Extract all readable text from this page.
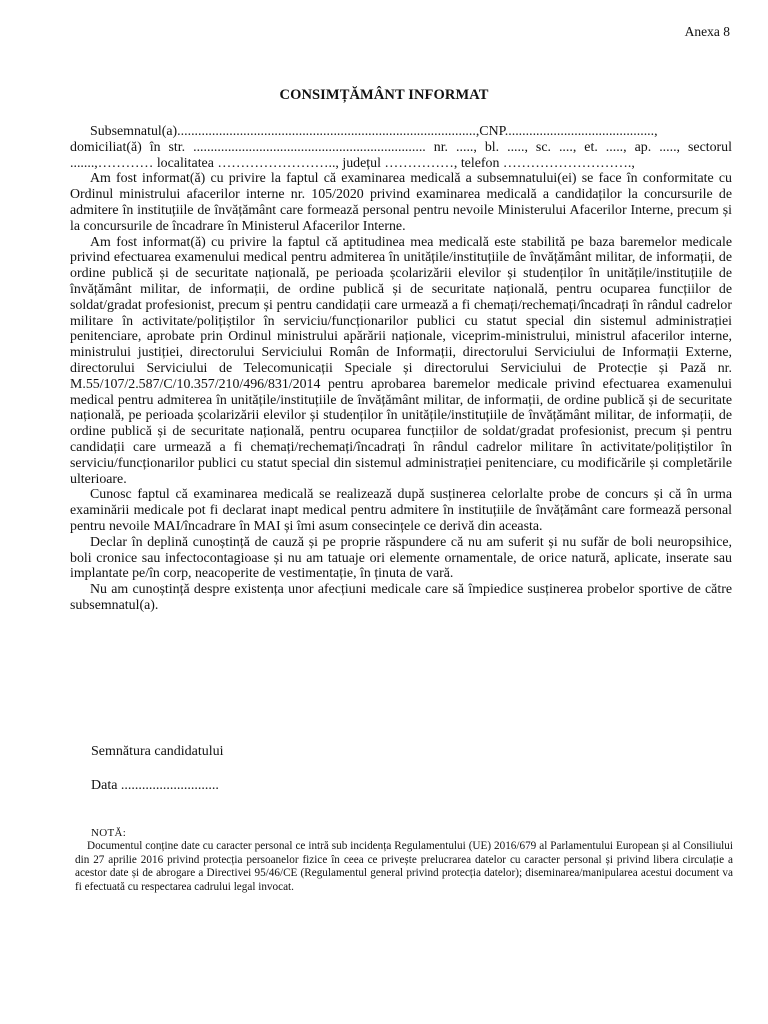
Anexa 8
CONSIMȚĂMÂNT INFORMAT

Subsemnatul(a)......................................................................................,CNP..........................................., domiciliat(ă) în str. ................................................................... nr. ....., bl. ....., sc. ...., et. ....., ap. ....., sectorul .......,………… localitatea …………………….., județul ……………, telefon ……………………….,

Am fost informat(ă) cu privire la faptul că examinarea medicală a subsemnatului(ei) se face în conformitate cu Ordinul ministrului afacerilor interne nr. 105/2020 privind examinarea medicală a candidaților la concursurile de admitere în instituțiile de învățământ care formează personal pentru nevoile Ministerului Afacerilor Interne, precum și la concursurile de încadrare în Ministerul Afacerilor Interne.

Am fost informat(ă) cu privire la faptul că aptitudinea mea medicală este stabilită pe baza baremelor medicale privind efectuarea examenului medical pentru admiterea în unitățile/instituțiile de învățământ militar, de informații, de ordine publică și de securitate națională, pe perioada școlarizării elevilor și studenților în unitățile/instituțiile de învățământ militar, de informații, de ordine publică și de securitate națională, pentru ocuparea funcțiilor de soldat/gradat profesionist, precum și pentru candidații care urmează a fi chemați/rechemați/încadrați în rândul cadrelor militare în activitate/polițiștilor în serviciu/funcționarilor publici cu statut special din sistemul administrației penitenciare, aprobate prin Ordinul ministrului apărării naționale, viceprim-ministrului, ministrul afacerilor interne, ministrului justiției, directorului Serviciului Român de Informații, directorului Serviciului de Informații Externe, directorului Serviciului de Telecomunicații Speciale și directorului Serviciului de Protecție și Pază nr. M.55/107/2.587/C/10.357/210/496/831/2014 pentru aprobarea baremelor medicale privind efectuarea examenului medical pentru admiterea în unitățile/instituțiile de învățământ militar, de informații, de ordine publică și de securitate națională, pe perioada școlarizării elevilor și studenților în unitățile/instituțiile de învățământ militar, de informații, de ordine publică și de securitate națională, pentru ocuparea funcțiilor de soldat/gradat profesionist, precum și pentru candidații care urmează a fi chemați/rechemați/încadrați în rândul cadrelor militare în activitate/polițiștilor în serviciu/funcționarilor publici cu statut special din sistemul administrației penitenciare, cu modificările și completările ulterioare.

Cunosc faptul că examinarea medicală se realizează după susținerea celorlalte probe de concurs și că în urma examinării medicale pot fi declarat inapt medical pentru admitere în instituțiile de învățământ care formează personal pentru nevoile MAI/încadrare în MAI și îmi asum consecințele ce derivă din aceasta.

Declar în deplină cunoștință de cauză și pe proprie răspundere că nu am suferit și nu sufăr de boli neuropsihice, boli cronice sau infectocontagioase și nu am tatuaje ori elemente ornamentale, de orice natură, aplicate, inserate sau implantate pe/în corp, neacoperite de vestimentație, în ținuta de vară.

Nu am cunoștință despre existența unor afecțiuni medicale care să împiedice susținerea probelor sportive de către subsemnatul(a).

Semnătura candidatului
Data ............................
NOTĂ:
Documentul conține date cu caracter personal ce intră sub incidența Regulamentului (UE) 2016/679 al Parlamentului European și al Consiliului din 27 aprilie 2016 privind protecția persoanelor fizice în ceea ce privește prelucrarea datelor cu caracter personal și privind libera circulație a acestor date și de abrogare a Directivei 95/46/CE (Regulamentul general privind protecția datelor); diseminarea/manipularea acestui document va fi efectuată cu respectarea cadrului legal invocat.
